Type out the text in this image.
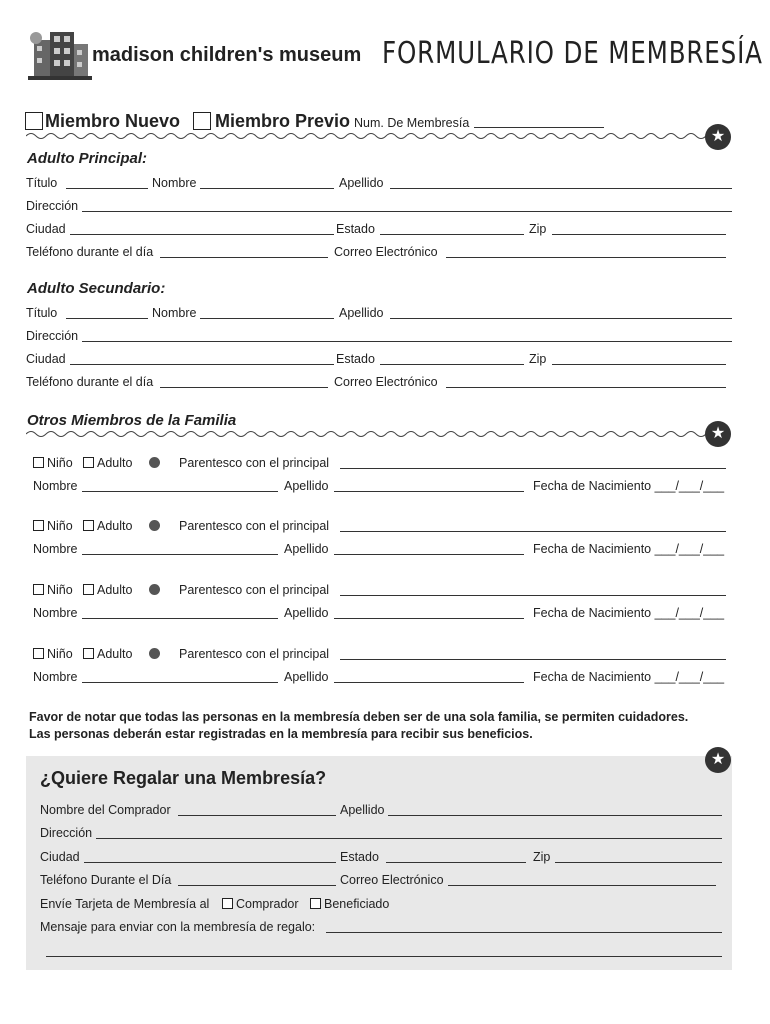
madison children's museum FORMULARIO DE MEMBRESÍA
Miembro Nuevo Miembro Previo Num. De Membresía
★
Adulto Principal:
Título	Nombre	Apellido
Dirección
Ciudad	Estado	Zip
Teléfono durante el día	Correo Electrónico
Adulto Secundario:
Título	Nombre	Apellido
Dirección
Ciudad	Estado	Zip
Teléfono durante el día	Correo Electrónico
Otros Miembros de la Familia
★
Niño	Adulto	Parentesco con el principal
Nombre	Apellido	Fecha de Nacimiento ___/___/___
Niño	Adulto	Parentesco con el principal
Nombre	Apellido	Fecha de Nacimiento ___/___/___
Niño	Adulto	Parentesco con el principal
Nombre	Apellido	Fecha de Nacimiento ___/___/___
Niño	Adulto	Parentesco con el principal
Nombre	Apellido	Fecha de Nacimiento ___/___/___
Favor de notar que todas las personas en la membresía deben ser de una sola familia, se permiten cuidadores.
Las personas deberán estar registradas en la membresía para recibir sus beneficios.
★
¿Quiere Regalar una Membresía?
Nombre del Comprador	Apellido
Dirección
Ciudad	Estado	Zip
Teléfono Durante el Día	Correo Electrónico
Envíe Tarjeta de Membresía al	Comprador	Beneficiado
Mensaje para enviar con la membresía de regalo:
